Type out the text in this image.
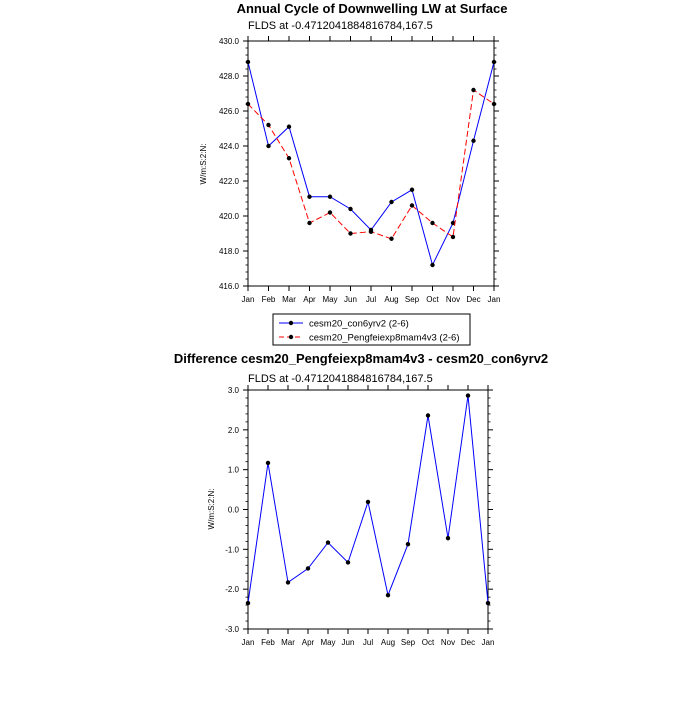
Annual Cycle of Downwelling LW at Surface
FLDS at -0.4712041884816784,167.5
416.0
418.0
420.0
422.0
424.0
426.0
428.0
430.0
Jan Feb Mar Apr May Jun Jul Aug Sep Oct Nov Dec Jan
W/m:S:2:N:
cesm20_con6yrv2 (2-6)
cesm20_Pengfeiexp8mam4v3 (2-6)
Difference cesm20_Pengfeiexp8mam4v3 - cesm20_con6yrv2
FLDS at -0.4712041884816784,167.5
-3.0
-2.0
-1.0
0.0
1.0
2.0
3.0
Jan Feb Mar Apr May Jun Jul Aug Sep Oct Nov Dec Jan
W/m:S:2:N:
